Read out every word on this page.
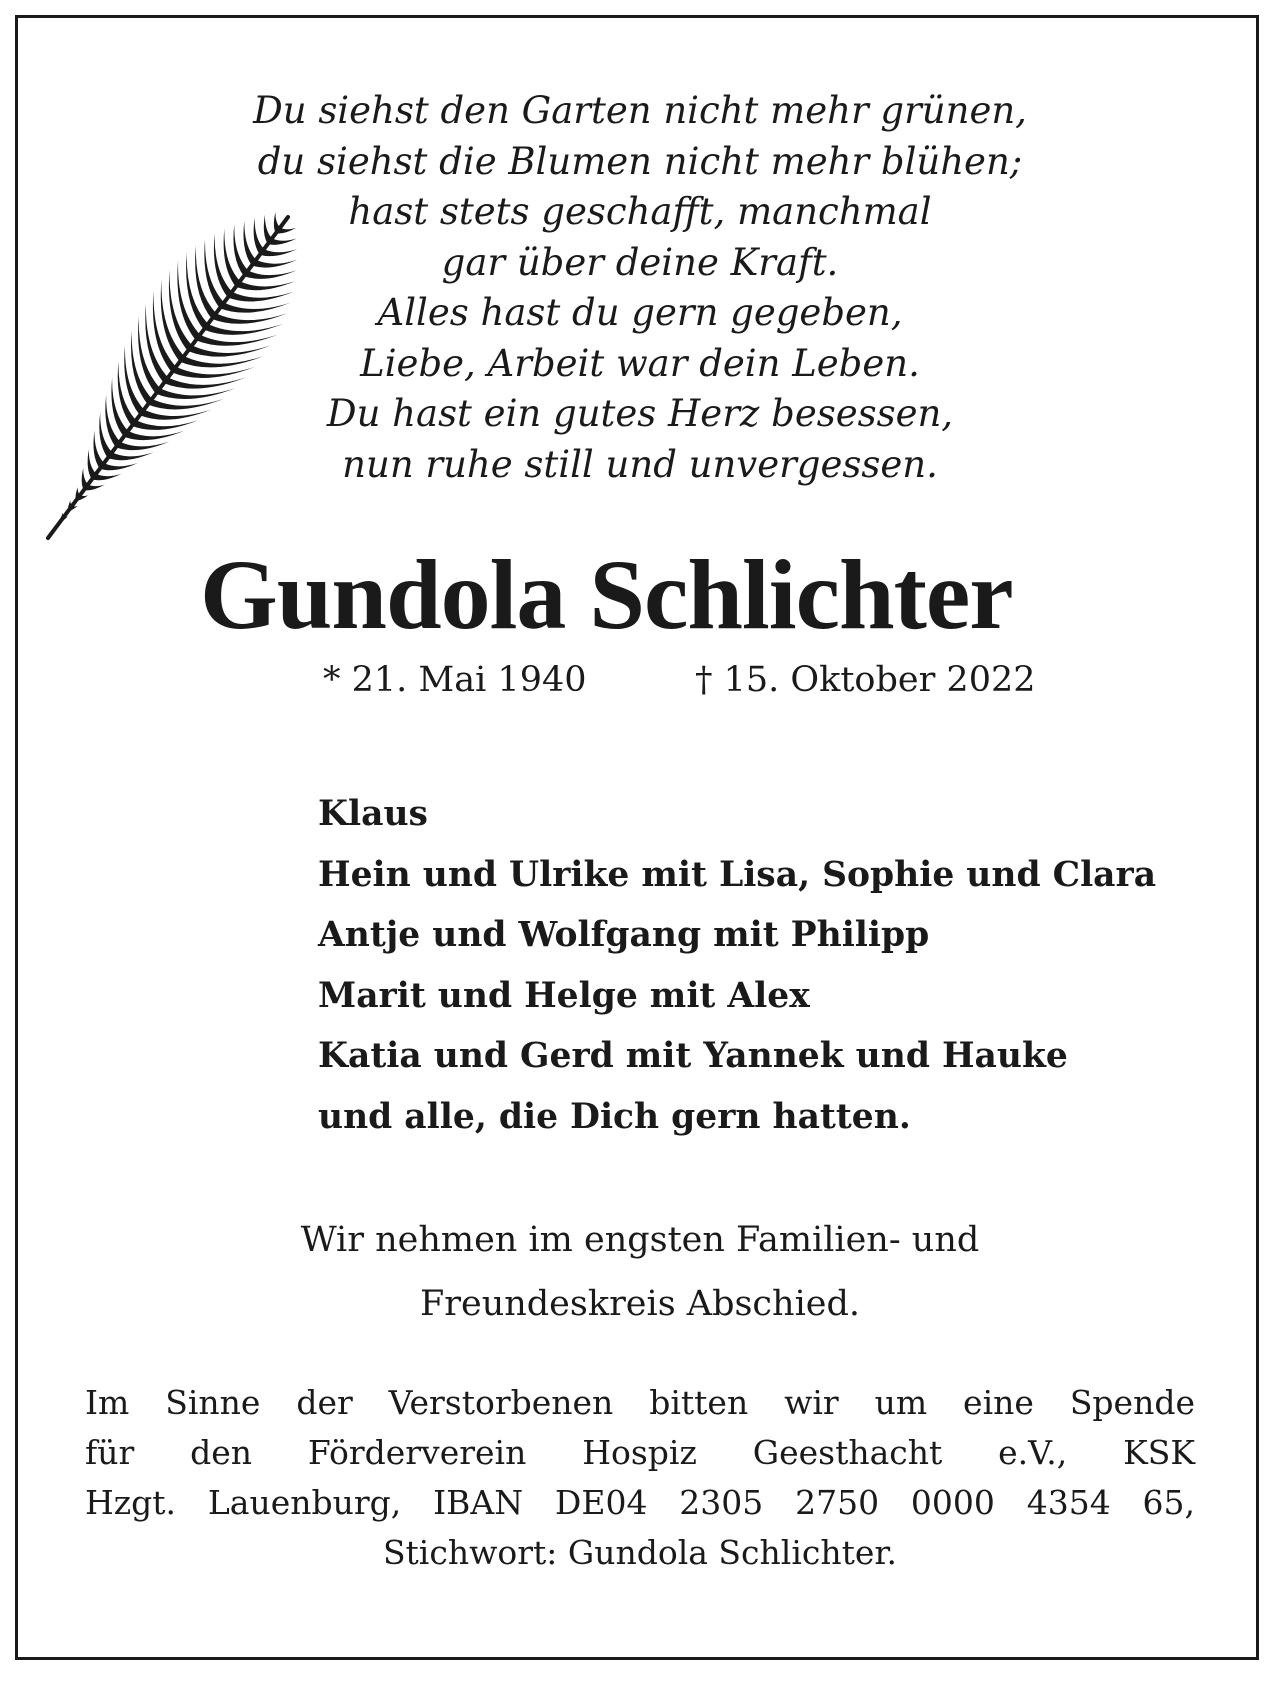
Du siehst den Garten nicht mehr grünen,
du siehst die Blumen nicht mehr blühen;
hast stets geschafft, manchmal
gar über deine Kraft.
Alles hast du gern gegeben,
Liebe, Arbeit war dein Leben.
Du hast ein gutes Herz besessen,
nun ruhe still und unvergessen.
Gundola Schlichter
* 21. Mai 1940	† 15. Oktober 2022
Klaus
Hein und Ulrike mit Lisa, Sophie und Clara
Antje und Wolfgang mit Philipp
Marit und Helge mit Alex
Katia und Gerd mit Yannek und Hauke
und alle, die Dich gern hatten.
Wir nehmen im engsten Familien- und
Freundeskreis Abschied.
Im Sinne der Verstorbenen bitten wir um eine Spende
für den Förderverein Hospiz Geesthacht e.V., KSK
Hzgt. Lauenburg, IBAN DE04 2305 2750 0000 4354 65,
Stichwort: Gundola Schlichter.
